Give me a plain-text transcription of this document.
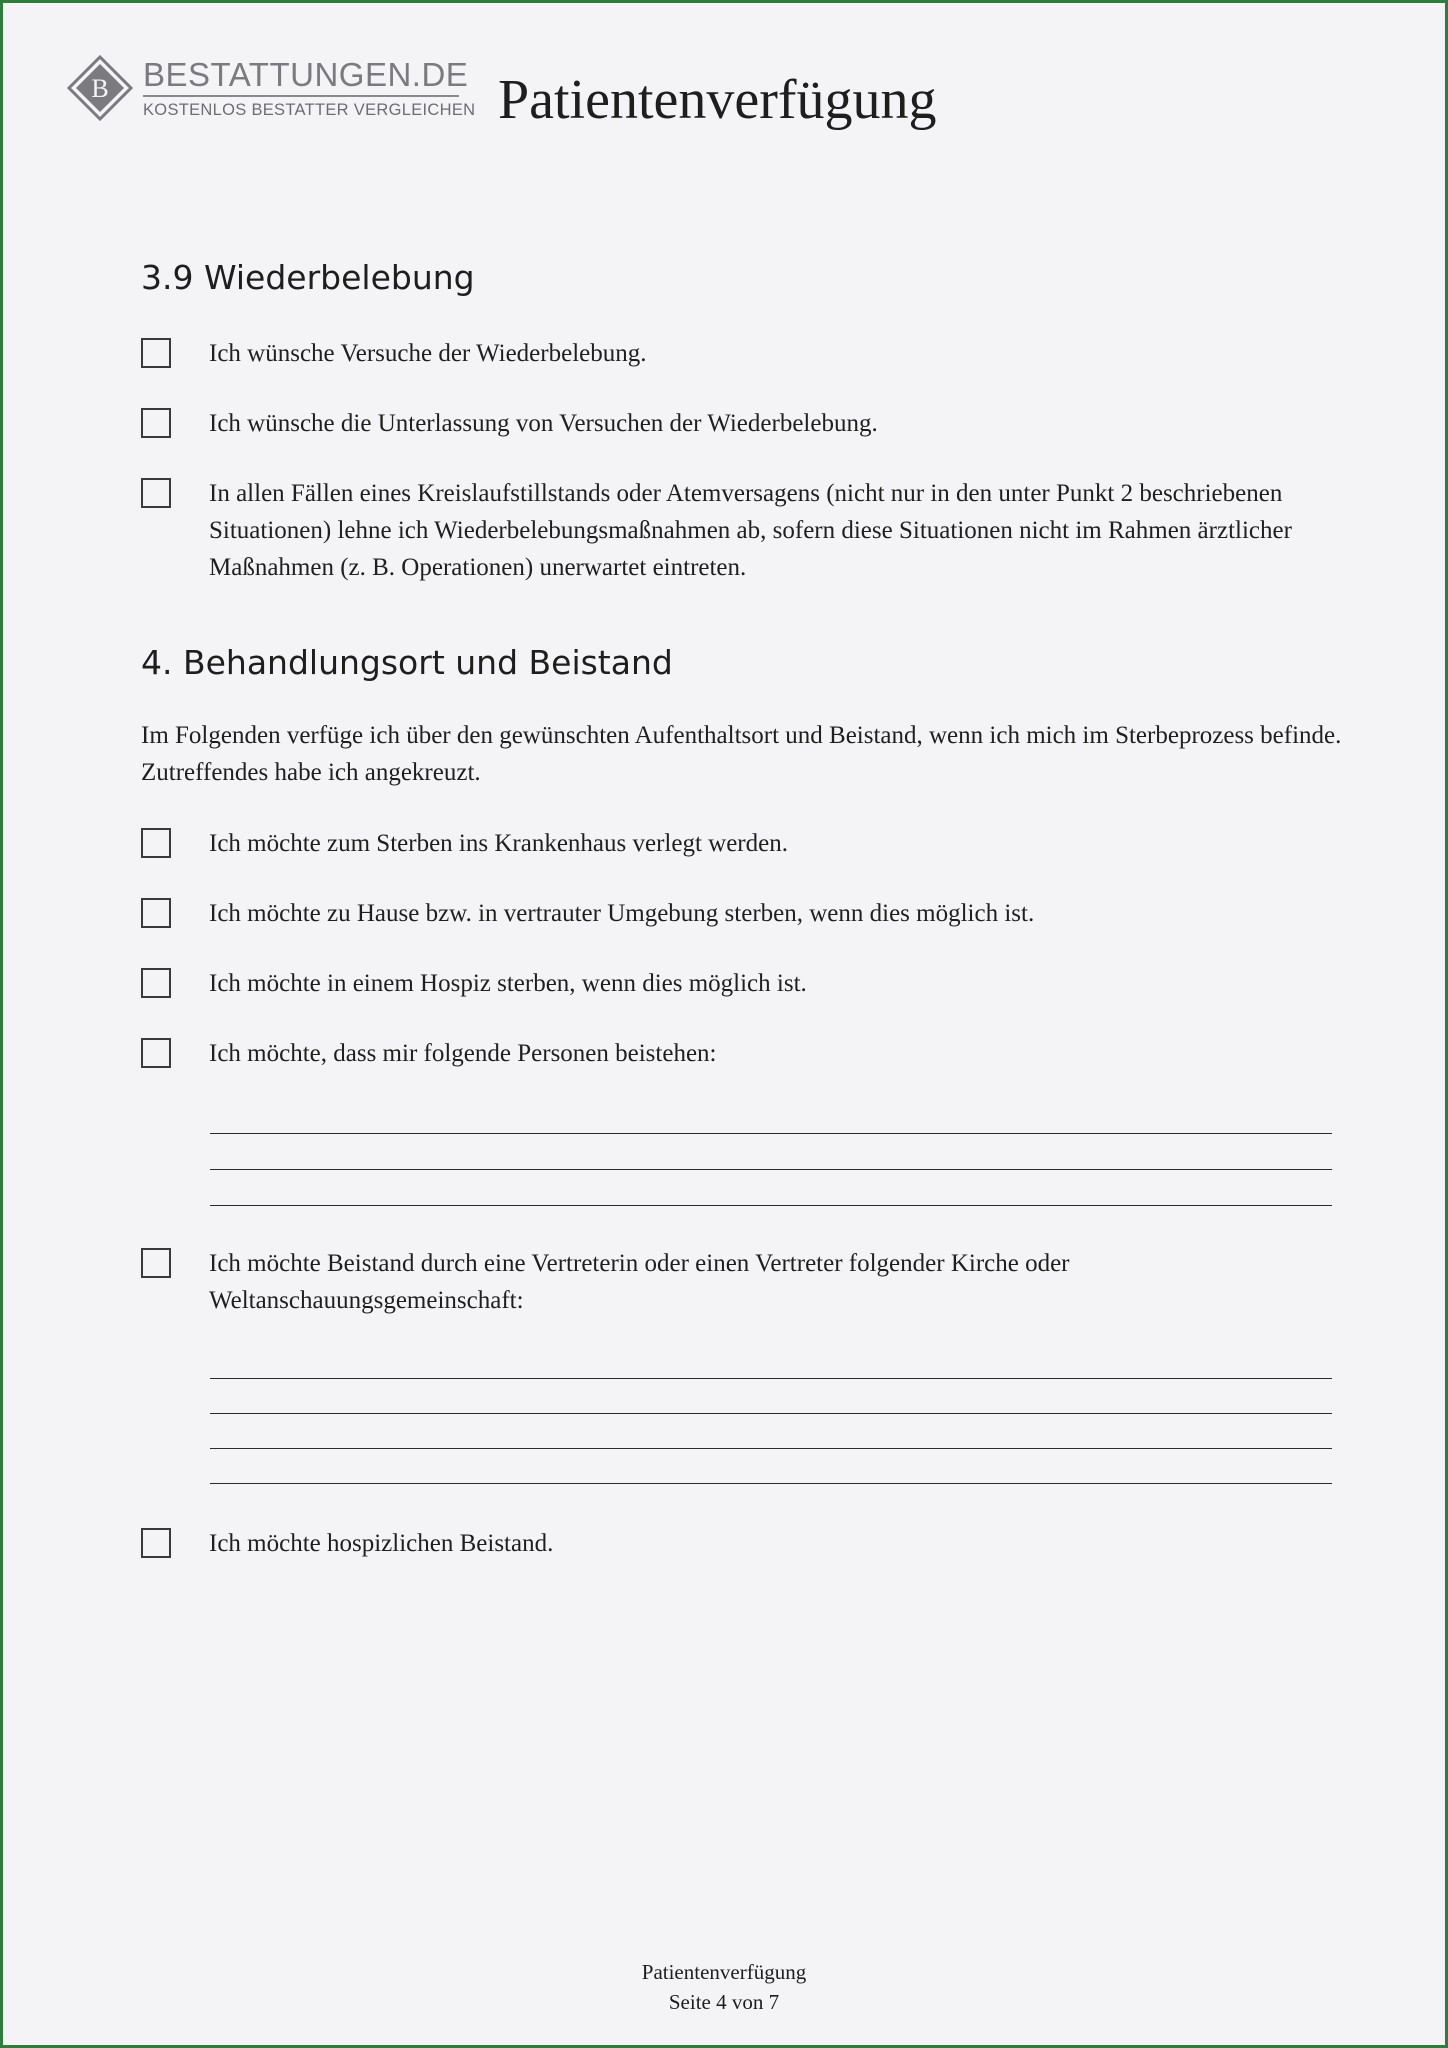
B BESTATTUNGEN.DE
KOSTENLOS BESTATTER VERGLEICHEN Patientenverfügung
3.9 Wiederbelebung
Ich wünsche Versuche der Wiederbelebung.
Ich wünsche die Unterlassung von Versuchen der Wiederbelebung.
In allen Fällen eines Kreislaufstillstands oder Atemversagens (nicht nur in den unter Punkt 2 beschriebenen Situationen) lehne ich Wiederbelebungsmaßnahmen ab, sofern diese Situationen nicht im Rahmen ärztlicher Maßnahmen (z. B. Operationen) unerwartet eintreten.
4. Behandlungsort und Beistand
Im Folgenden verfüge ich über den gewünschten Aufenthaltsort und Beistand, wenn ich mich im Sterbeprozess befinde. Zutreffendes habe ich angekreuzt.
Ich möchte zum Sterben ins Krankenhaus verlegt werden.
Ich möchte zu Hause bzw. in vertrauter Umgebung sterben, wenn dies möglich ist.
Ich möchte in einem Hospiz sterben, wenn dies möglich ist.
Ich möchte, dass mir folgende Personen beistehen:
Ich möchte Beistand durch eine Vertreterin oder einen Vertreter folgender Kirche oder Weltanschauungsgemeinschaft:
Ich möchte hospizlichen Beistand.
Patientenverfügung
Seite 4 von 7
